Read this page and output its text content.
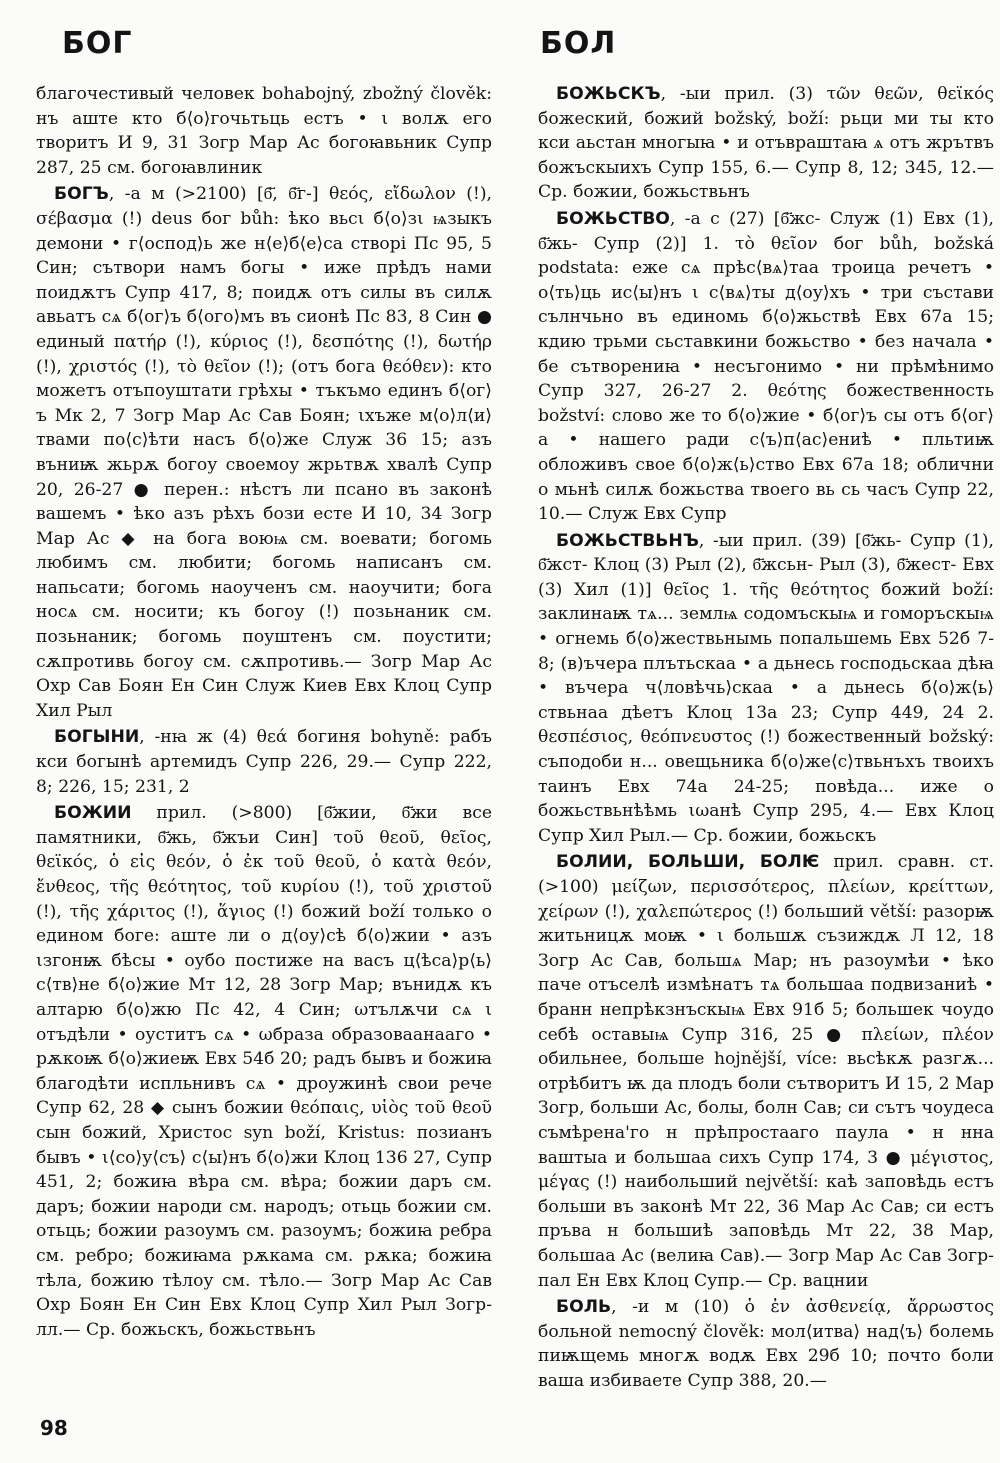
БОГ	БОЛ

благочестивый человек bohabojný, zbožný člověk: нъ аште кто б⟨о⟩гочьтьць естъ • ι волѫ его творитъ И 9, 31 Зогр Мар Ас богоꙗвьник Супр 287, 25 см. богоꙗвлиник

БОГЪ, -а м (>2100) [б҃, б҃г-] θεός, εἴδωλον (!), σέβασμα (!) deus бог bůh: ѣко вьсι б⟨о⟩зι ѩзыкъ демони • г⟨оспод⟩ь же н⟨е⟩б⟨е⟩са створі Пс 95, 5 Син; сътвори намъ богы • иже прѣдъ нами поидѫтъ Супр 417, 8; поидѫ отъ силы въ силѫ авьатъ сѧ б⟨ог⟩ъ б⟨ого⟩мъ въ сионѣ Пс 83, 8 Син ● единый πατήρ (!), κύριος (!), δεσπότης (!), δωτήρ (!), χριστός (!), τὸ θεῖον (!); (отъ бога θεόθεν): кто можетъ отъпоуштати грѣхы • тъкъмо единъ б⟨ог⟩ъ Мк 2, 7 Зогр Мар Ас Сав Боян; ιхъже м⟨о⟩л⟨и⟩твами по⟨с⟩ѣти насъ б⟨о⟩же Служ 36 15; азъ въниѭ жьрѫ богоу своемоу жрьтвѫ хвалѣ Супр 20, 26-27 ● перен.: нѣстъ ли псано въ законѣ вашемъ • ѣко азъ рѣхъ бози есте И 10, 34 Зогр Мар Ас ◆ на бога воюѩ см. воевати; богомь любимъ см. любити; богомь написанъ см. напьсати; богомь наоученъ см. наоучити; бога носѧ см. носити; къ богоу (!) позьнаник см. позьнаник; богомь поуштенъ см. поустити; сѫпротивь богоу см. сѫпротивь.— Зогр Мар Ас Охр Сав Боян Ен Син Служ Киев Евх Клоц Супр Хил Рыл

БОГЫНИ, -нꙗ ж (4) θεά богиня bohyně: рабъ кси богынѣ артемидъ Супр 226, 29.— Супр 222, 8; 226, 15; 231, 2

БОЖИИ прил. (>800) [б҃жии, б҃жи все памятники, б҃жь, б҃жъи Син] τοῦ θεοῦ, θεῖος, θεϊκός, ὁ εἰς θεόν, ὁ ἐκ τοῦ θεοῦ, ὁ κατὰ θεόν, ἔνθεος, τῆς θεότητος, τοῦ κυρίου (!), τοῦ χριστοῦ (!), τῆς χάριτος (!), ἅγιος (!) божий boží только о едином боге: аште ли о д⟨оу⟩сѣ б⟨о⟩жии • азъ ιзгонѭ бѣсы • оубо постиже на васъ ц⟨ѣса⟩р⟨ь⟩с⟨тв⟩не б⟨о⟩жие Мт 12, 28 Зогр Мар; вънидѫ къ алтарю б⟨о⟩жю Пс 42, 4 Син; ωтълѫчи сѧ ι отъдѣли • оуститъ сѧ • ωбраза образоваанааго • рѫкоѭ б⟨о⟩жиеѭ Евх 54б 20; радъ бывъ и божиꙗ благодѣти испльнивъ сѧ • дроужинѣ свои рече Супр 62, 28 ◆ сынъ божии θεόπαις, υἱὸς τοῦ θεοῦ сын божий, Христос syn boží, Kristus: позианъ бывъ • ι⟨со⟩у⟨съ⟩ с⟨ы⟩нъ б⟨о⟩жи Клоц 136 27, Супр 451, 2; божиꙗ вѣра см. вѣра; божии даръ см. даръ; божии народи см. народъ; отьць божии см. отьць; божии разоумъ см. разоумъ; божиꙗ ребра см. ребро; божиꙗма рѫкама см. рѫка; божиꙗ тѣла, божию тѣлоу см. тѣло.— Зогр Мар Ас Сав Охр Боян Ен Син Евх Клоц Супр Хил Рыл Зогр-лл.— Ср. божьскъ, божьствьнъ

БОЖЬСКЪ, -ыи прил. (3) τῶν θεῶν, θεϊκός божеский, божий božský, boží: рьци ми ты кто кси аьстан многыꙗ • и отъвраштаꙗ ѧ отъ жрътвъ божъскыихъ Супр 155, 6.— Супр 8, 12; 345, 12.— Ср. божии, божьствьнъ

БОЖЬСТВО, -а с (27) [б҃жс- Служ (1) Евх (1), б҃жь- Супр (2)] 1. τὸ θεῖον бог bůh, božská podstata: еже сѧ прѣс⟨вѧ⟩таа троица речетъ • о⟨ть⟩ць ис⟨ы⟩нъ ι с⟨вѧ⟩ты д⟨оу⟩хъ • три състави сълнчьно въ единомь б⟨о⟩жьствѣ Евх 67а 15; кдию трьми сьставкини божьство • без начала • бе сътворениꙗ • несъгонимо • ни прѣмѣнимо Супр 327, 26-27 2. θεότης божественность božství: слово же то б⟨о⟩жие • б⟨ог⟩ъ сы отъ б⟨ог⟩а • нашего ради с⟨ъ⟩п⟨ас⟩ениѣ • пльтиѭ обложивъ свое б⟨о⟩ж⟨ь⟩ство Евх 67а 18; облични о мьнѣ силѫ божьства твоего вь сь часъ Супр 22, 10.— Служ Евх Супр

БОЖЬСТВЬНЪ, -ыи прил. (39) [б҃жь- Супр (1), б҃жст- Клоц (3) Рыл (2), б҃жсьн- Рыл (3), б҃жест- Евх (3) Хил (1)] θεῖος 1. τῆς θεότητος божий boží: заклинаѭ тѧ... землѩ содомъскыѩ и гоморъскыѩ • огнемь б⟨о⟩жествьнымь попальшемь Евх 52б 7-8; (в)ъчера плътьскаа • а дьнесь господьскаа дѣꙗ • въчера ч⟨ловѣчь⟩скаа • а дьнесь б⟨о⟩ж⟨ь⟩ствьнаа дѣетъ Клоц 13а 23; Супр 449, 24 2. θεσπέσιος, θεόπνευστος (!) божественный božský: съподоби н... овещьника б⟨о⟩же⟨с⟩твьнъхъ твоихъ таинъ Евх 74а 24-25; повѣда... иже о божьствьнѣѣмь ιωанѣ Супр 295, 4.— Евх Клоц Супр Хил Рыл.— Ср. божии, божьскъ

БОЛИИ, БОЛЬШИ, БОЛѤ прил. сравн. ст. (>100) μείζων, περισσότερος, πλείων, κρείττων, χείρων (!), χαλεπώτερος (!) больший větší: разорѭ житьницѫ моѭ • ι большѫ съзиждѫ Л 12, 18 Зогр Ас Сав, большѧ Мар; нъ разоумѣи • ѣко паче отъселѣ измѣнатъ тѧ большаа подвизаниѣ • бранн непрѣкзнъскыѩ Евх 91б 5; большек чоудо себѣ оставыѩ Супр 316, 25 ● πλείων, πλέον обильнее, больше hojnější, více: вьсѣкѫ разгѫ... отрѣбитъ ѭ да плодъ боли сътворитъ И 15, 2 Мар Зогр, больши Ас, болы, болн Сав; си сътъ чоудеса съмѣрена'го н прѣпростааго паула • н нна ваштыа и большаа сихъ Супр 174, 3 ● μέγιστος, μέγας (!) наибольший největší: кaѣ заповѣдь естъ больши въ законѣ Мт 22, 36 Мар Ас Сав; си естъ пръва н большиѣ заповѣдь Мт 22, 38 Мар, большаа Ас (велиꙗ Сав).— Зогр Мар Ас Сав Зогр-пал Ен Евх Клоц Супр.— Ср. вацнии

БОЛЬ, -и м (10) ὁ ἐν ἀσθενείᾳ, ἄρρωστος больной nemocný člověk: мол⟨итва⟩ над⟨ъ⟩ болемь пиѭщемь многѫ водѫ Евх 29б 10; почто боли ваша избиваете Супр 388, 20.—

98
